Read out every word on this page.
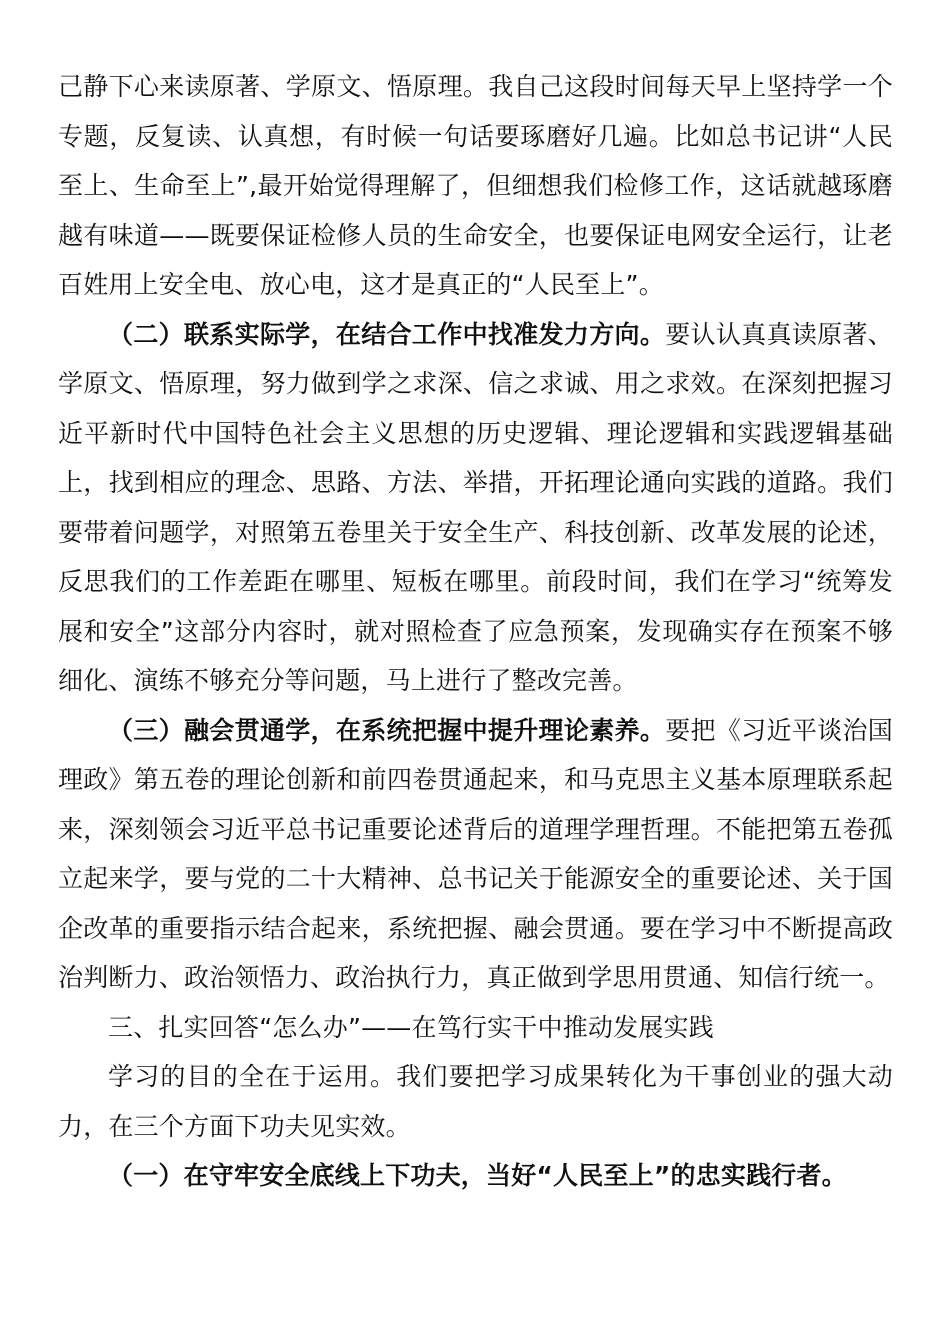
己静下心来读原著、学原文、悟原理。我自己这段时间每天早上坚持学一个专题，反复读、认真想，有时候一句话要琢磨好几遍。比如总书记讲“人民至上、生命至上”,最开始觉得理解了，但细想我们检修工作，这话就越琢磨越有味道——既要保证检修人员的生命安全，也要保证电网安全运行，让老百姓用上安全电、放心电，这才是真正的“人民至上”。

（二）联系实际学，在结合工作中找准发力方向。要认认真真读原著、学原文、悟原理，努力做到学之求深、信之求诚、用之求效。在深刻把握习近平新时代中国特色社会主义思想的历史逻辑、理论逻辑和实践逻辑基础上，找到相应的理念、思路、方法、举措，开拓理论通向实践的道路。我们要带着问题学，对照第五卷里关于安全生产、科技创新、改革发展的论述，反思我们的工作差距在哪里、短板在哪里。前段时间，我们在学习“统筹发展和安全”这部分内容时，就对照检查了应急预案，发现确实存在预案不够细化、演练不够充分等问题，马上进行了整改完善。

（三）融会贯通学，在系统把握中提升理论素养。要把《习近平谈治国理政》第五卷的理论创新和前四卷贯通起来，和马克思主义基本原理联系起来，深刻领会习近平总书记重要论述背后的道理学理哲理。不能把第五卷孤立起来学，要与党的二十大精神、总书记关于能源安全的重要论述、关于国企改革的重要指示结合起来，系统把握、融会贯通。要在学习中不断提高政治判断力、政治领悟力、政治执行力，真正做到学思用贯通、知信行统一。

三、扎实回答“怎么办”——在笃行实干中推动发展实践

学习的目的全在于运用。我们要把学习成果转化为干事创业的强大动力，在三个方面下功夫见实效。

（一）在守牢安全底线上下功夫，当好“人民至上”的忠实践行者。
